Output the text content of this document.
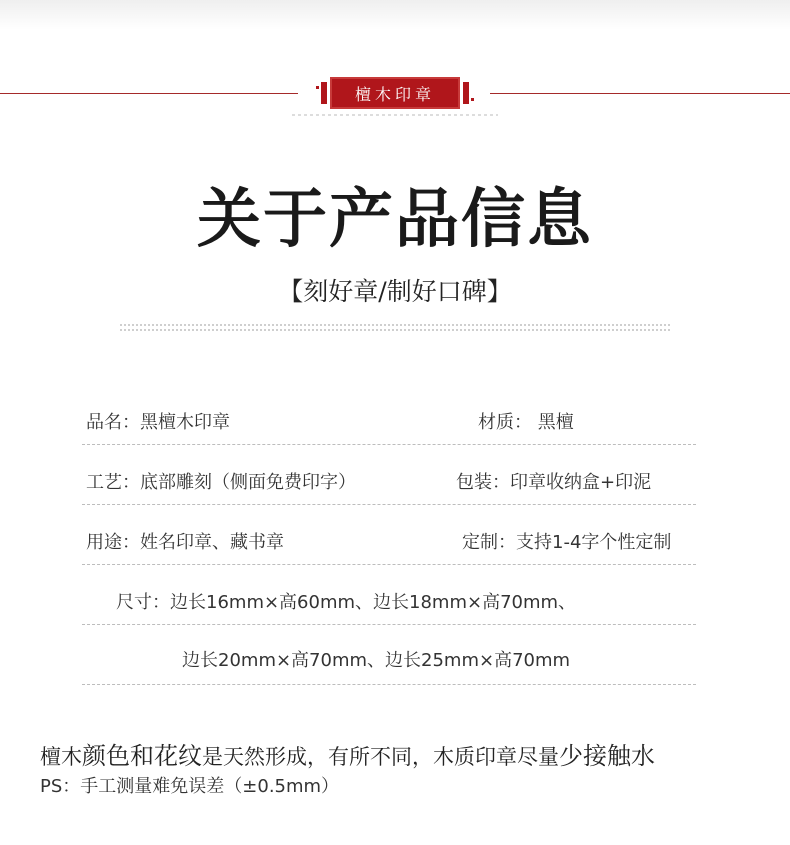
檀木印章
关于产品信息
【刻好章/制好口碑】
品名：黑檀木印章	材质： 黑檀
工艺：底部雕刻（侧面免费印字）	包装：印章收纳盒+印泥
用途：姓名印章、藏书章	定制：支持1-4字个性定制
尺寸：边长16mm×高60mm、边长18mm×高70mm、
边长20mm×高70mm、边长25mm×高70mm
檀木颜色和花纹是天然形成，有所不同，木质印章尽量少接触水
PS：手工测量难免误差（±0.5mm）
